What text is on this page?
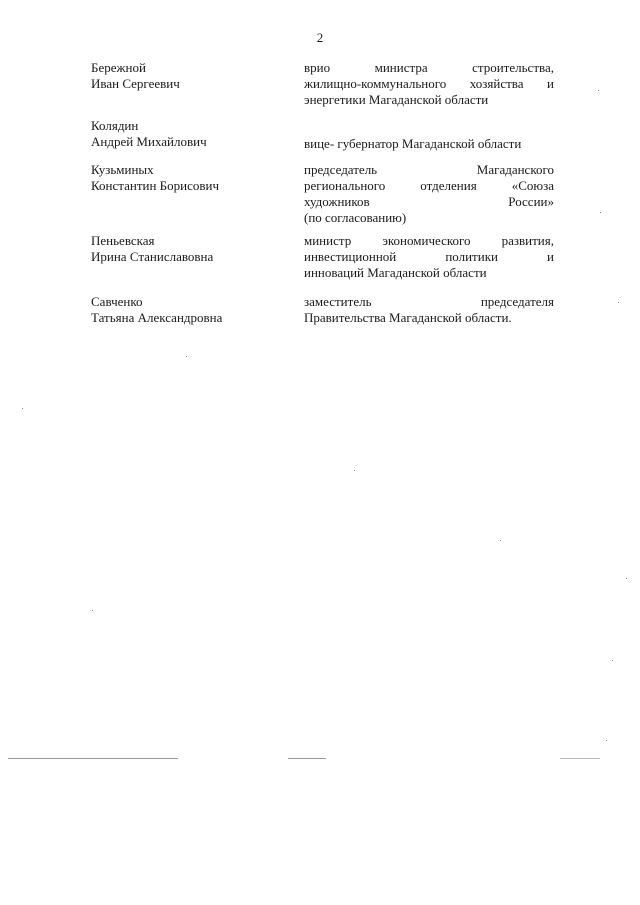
2
Бережной
Иван Сергеевич
врио министра строительства,
жилищно-коммунального хозяйства и
энергетики Магаданской области
Колядин
Андрей Михайлович	вице- губернатор Магаданской области
Кузьминых
Константин Борисович
председатель Магаданского
регионального отделения «Союза
художников России»
(по согласованию)
Пеньевская
Ирина Станиславовна
министр экономического развития,
инвестиционной политики и
инноваций Магаданской области
Савченко
Татьяна Александровна
заместитель председателя
Правительства Магаданской области.
